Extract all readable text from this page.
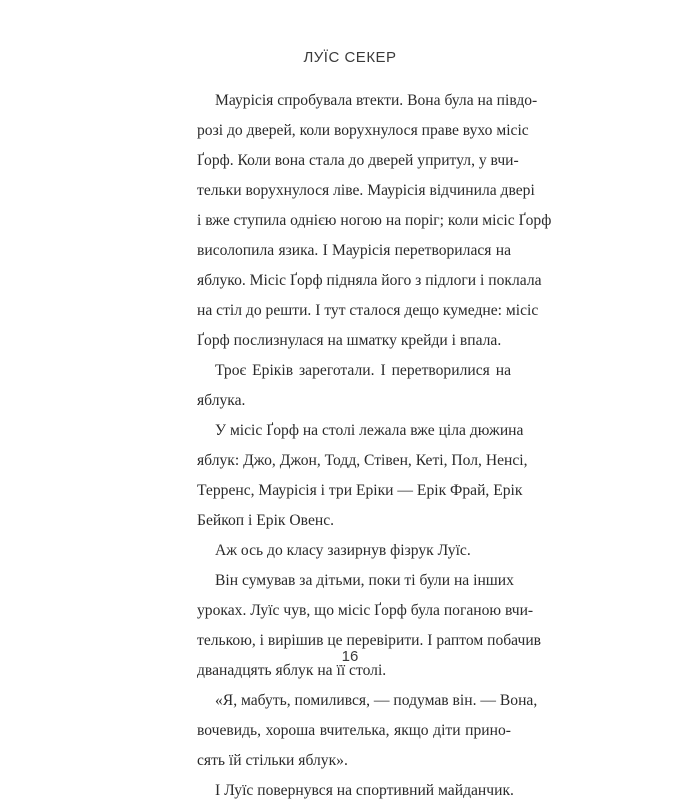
ЛУЇС СЕКЕР
Маурісія спробувала втекти. Вона була на півдо-
розі до дверей, коли ворухнулося праве вухо місіс
Ґорф. Коли вона стала до дверей упритул, у вчи-
тельки ворухнулося ліве. Маурісія відчинила двері
і вже ступила однією ногою на поріг; коли місіс Ґорф
висолопила язика. І Маурісія перетворилася на
яблуко. Місіс Ґорф підняла його з підлоги і поклала
на стіл до решти. І тут сталося дещо кумедне: місіс
Ґорф послизнулася на шматку крейди і впала.
Троє Еріків зареготали. І перетворилися на
яблука.
У місіс Ґорф на столі лежала вже ціла дюжина
яблук: Джо, Джон, Тодд, Стівен, Кеті, Пол, Ненсі,
Терренс, Маурісія і три Еріки — Ерік Фрай, Ерік
Бейкоп і Ерік Овенс.
Аж ось до класу зазирнув фізрук Луїс.
Він сумував за дітьми, поки ті були на інших
уроках. Луїс чув, що місіс Ґорф була поганою вчи-
телькою, і вирішив це перевірити. І раптом побачив
дванадцять яблук на її столі.
«Я, мабуть, помилився, — подумав він. — Вона,
вочевидь, хороша вчителька, якщо діти прино-
сять їй стільки яблук».
І Луїс повернувся на спортивний майданчик.
16
